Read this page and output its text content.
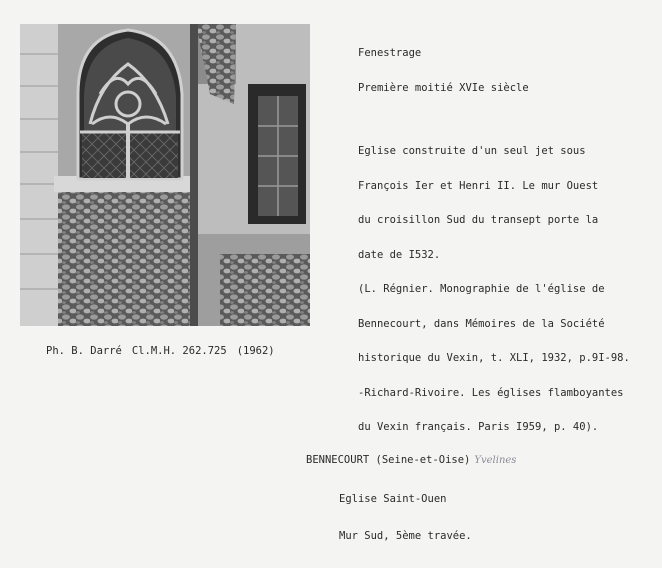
Fenestrage

Première moitié XVIe siècle

Eglise construite d'un seul jet sous

François Ier et Henri II. Le mur Ouest

du croisillon Sud du transept porte la

date de I532.

(L. Régnier. Monographie de l'église de

Bennecourt, dans Mémoires de la Société

historique du Vexin, t. XLI, 1932, p.9I-98.

-Richard-Rivoire. Les églises flamboyantes

du Vexin français. Paris I959, p. 40).

Ph. B. Darré Cl.M.H. 262.725 (1962)

BENNECOURT (Seine-et-Oise) Yvelines

Eglise Saint-Ouen

Mur Sud, 5ème travée.
